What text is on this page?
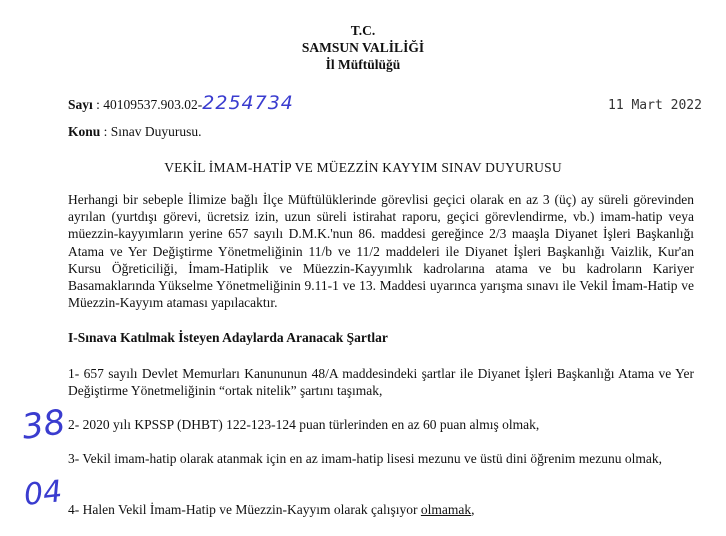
T.C.
SAMSUN VALİLİĞİ
İl Müftülüğü
Sayı : 40109537.903.02-2254734	11 Mart 2022
Konu : Sınav Duyurusu.
VEKİL İMAM-HATİP VE MÜEZZİN KAYYIM SINAV DUYURUSU

Herhangi bir sebeple İlimize bağlı İlçe Müftülüklerinde görevlisi geçici olarak en az 3 (üç) ay süreli görevinden ayrılan (yurtdışı görevi, ücretsiz izin, uzun süreli istirahat raporu, geçici görevlendirme, vb.) imam-hatip veya müezzin-kayyımların yerine 657 sayılı D.M.K.'nun 86. maddesi gereğince 2/3 maaşla Diyanet İşleri Başkanlığı Atama ve Yer Değiştirme Yönetmeliğinin 11/b ve 11/2 maddeleri ile Diyanet İşleri Başkanlığı Vaizlik, Kur'an Kursu Öğreticiliği, İmam-Hatiplik ve Müezzin-Kayyımlık kadrolarına atama ve bu kadroların Kariyer Basamaklarında Yükselme Yönetmeliğinin 9.11-1 ve 13. Maddesi uyarınca yarışma sınavı ile Vekil İmam-Hatip ve Müezzin-Kayyım ataması yapılacaktır.

I-Sınava Katılmak İsteyen Adaylarda Aranacak Şartlar

1- 657 sayılı Devlet Memurları Kanununun 48/A maddesindeki şartlar ile Diyanet İşleri Başkanlığı Atama ve Yer Değiştirme Yönetmeliğinin “ortak nitelik” şartını taşımak,

2- 2020 yılı KPSSP (DHBT) 122-123-124 puan türlerinden en az 60 puan almış olmak,

3- Vekil imam-hatip olarak atanmak için en az imam-hatip lisesi mezunu ve üstü dini öğrenim mezunu olmak,

4- Halen Vekil İmam-Hatip ve Müezzin-Kayyım olarak çalışıyor olmamak,

38
04
